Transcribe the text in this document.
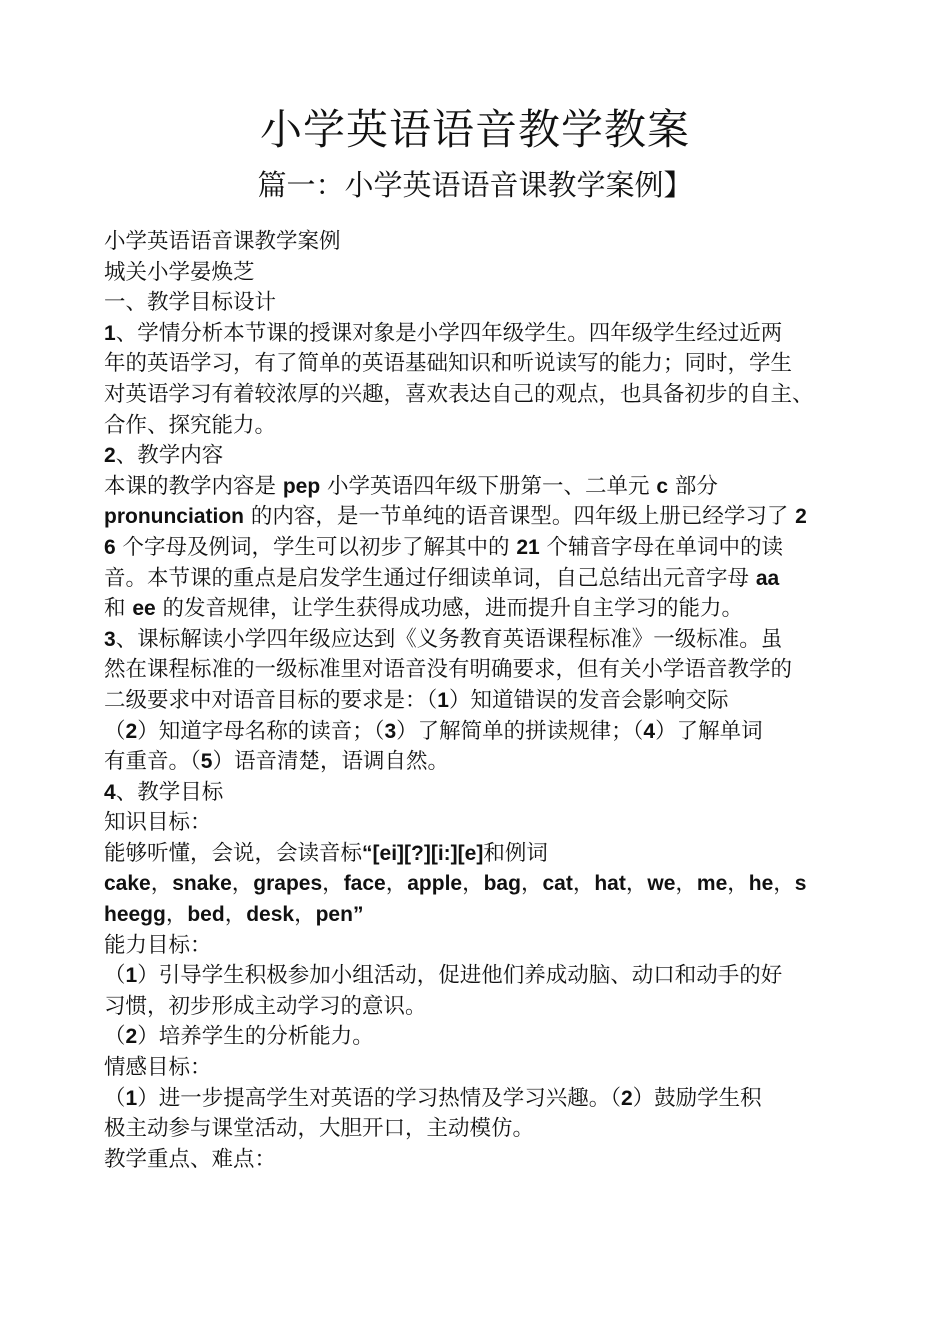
小学英语语音教学教案
篇一：小学英语语音课教学案例】
小学英语语音课教学案例
城关小学晏焕芝
一、教学目标设计
1、学情分析本节课的授课对象是小学四年级学生。四年级学生经过近两
年的英语学习，有了简单的英语基础知识和听说读写的能力；同时，学生
对英语学习有着较浓厚的兴趣，喜欢表达自己的观点，也具备初步的自主、
合作、探究能力。
2、教学内容
本课的教学内容是 pep 小学英语四年级下册第一、二单元 c 部分
pronunciation 的内容，是一节单纯的语音课型。四年级上册已经学习了 2
6 个字母及例词，学生可以初步了解其中的 21 个辅音字母在单词中的读
音。本节课的重点是启发学生通过仔细读单词，自己总结出元音字母 aa
和 ee 的发音规律，让学生获得成功感，进而提升自主学习的能力。
3、课标解读小学四年级应达到《义务教育英语课程标准》一级标准。虽
然在课程标准的一级标准里对语音没有明确要求，但有关小学语音教学的
二级要求中对语音目标的要求是：（1）知道错误的发音会影响交际
（2）知道字母名称的读音；（3）了解简单的拼读规律；（4）了解单词
有重音。（5）语音清楚，语调自然。
4、教学目标
知识目标：
能够听懂，会说，会读音标“[ei][?][i:][e]和例词
cake，snake，grapes，face，apple，bag，cat，hat，we，me，he，s
heegg，bed，desk，pen”
能力目标：
（1）引导学生积极参加小组活动，促进他们养成动脑、动口和动手的好
习惯，初步形成主动学习的意识。
（2）培养学生的分析能力。
情感目标：
（1）进一步提高学生对英语的学习热情及学习兴趣。（2）鼓励学生积
极主动参与课堂活动，大胆开口，主动模仿。
教学重点、难点：
